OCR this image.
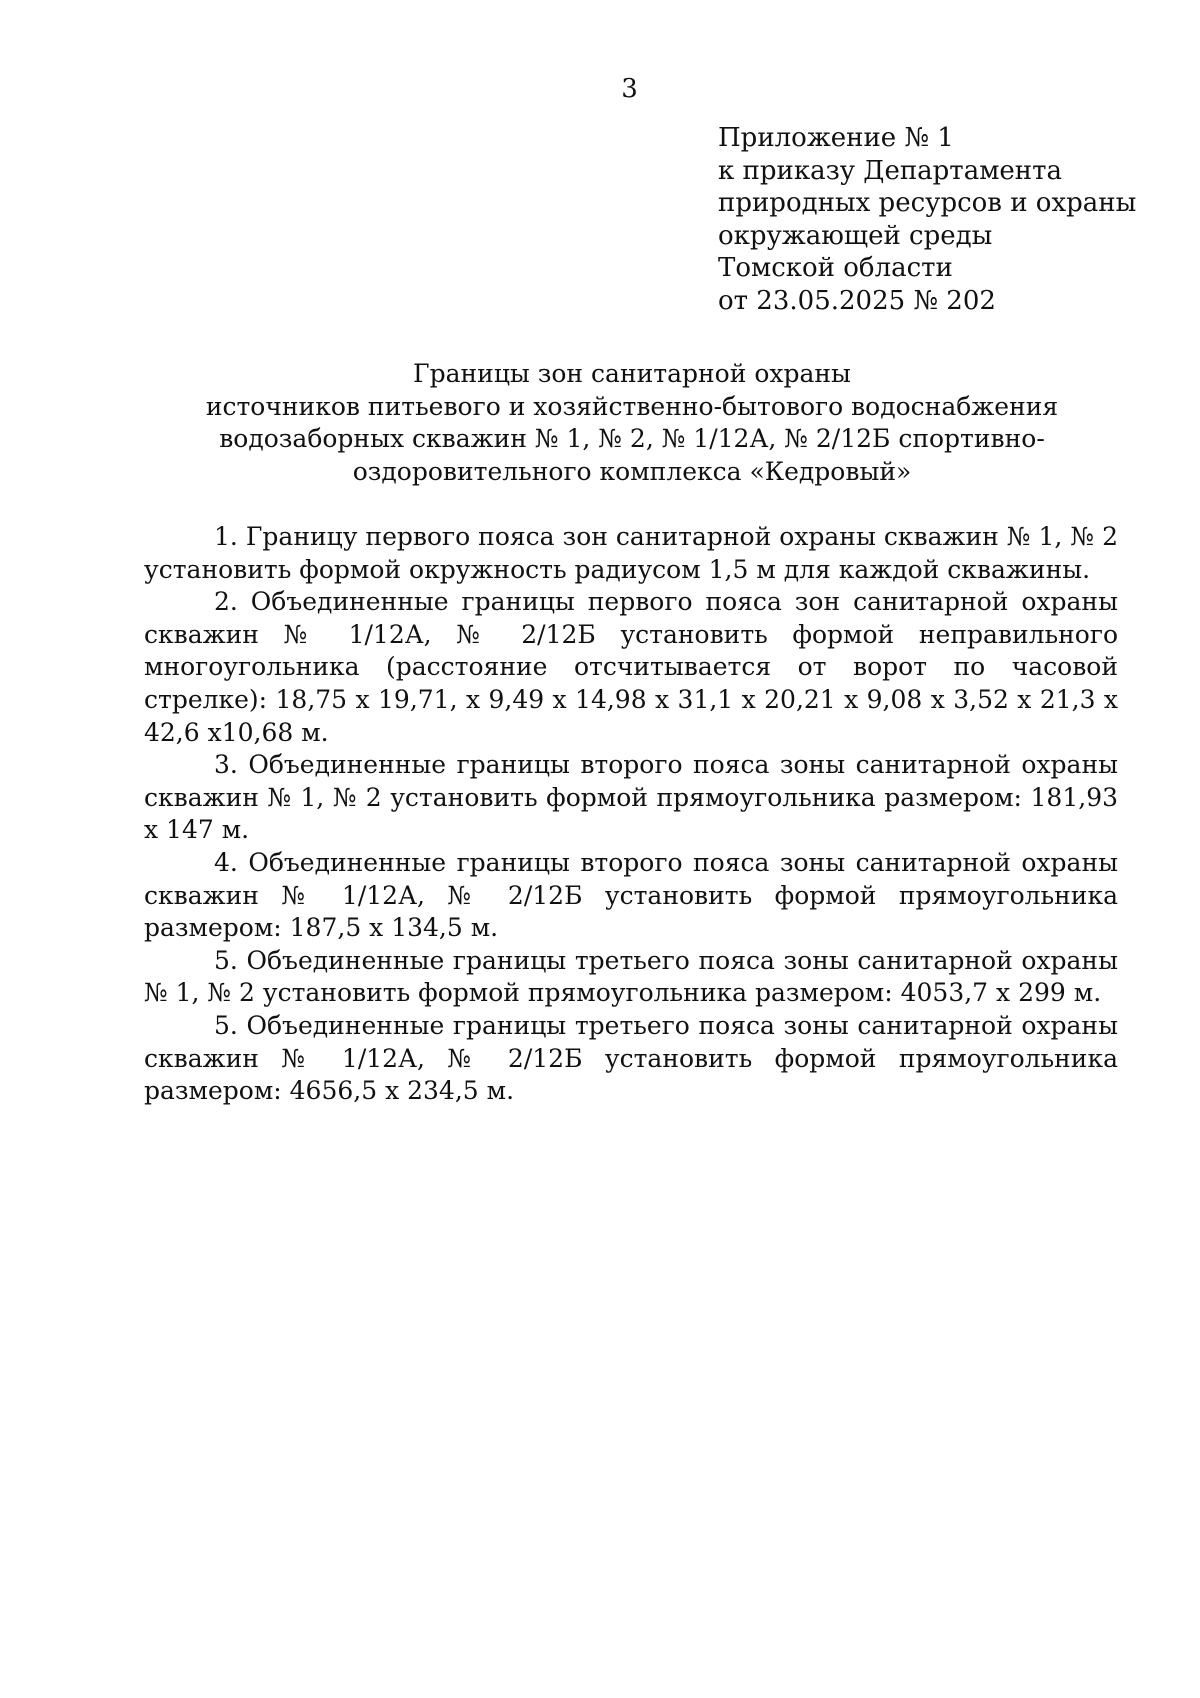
3
Приложение № 1
к приказу Департамента
природных ресурсов и охраны
окружающей среды
Томской области
от 23.05.2025 № 202
Границы зон санитарной охраны
источников питьевого и хозяйственно-бытового водоснабжения
водозаборных скважин № 1, № 2, № 1/12А, № 2/12Б спортивно-
оздоровительного комплекса «Кедровый»

1. Границу первого пояса зон санитарной охраны скважин № 1, № 2 установить формой окружность радиусом 1,5 м для каждой скважины.

2. Объединенные границы первого пояса зон санитарной охраны скважин № 1/12А, № 2/12Б установить формой неправильного многоугольника (расстояние отсчитывается от ворот по часовой стрелке): 18,75 х 19,71, х 9,49 х 14,98 х 31,1 х 20,21 х 9,08 х 3,52 х 21,3 х 42,6 х10,68 м.

3. Объединенные границы второго пояса зоны санитарной охраны скважин № 1, № 2 установить формой прямоугольника размером: 181,93 х 147 м.

4. Объединенные границы второго пояса зоны санитарной охраны скважин № 1/12А, № 2/12Б установить формой прямоугольника размером: 187,5 х 134,5 м.

5. Объединенные границы третьего пояса зоны санитарной охраны № 1, № 2 установить формой прямоугольника размером: 4053,7 х 299 м.

5. Объединенные границы третьего пояса зоны санитарной охраны скважин № 1/12А, № 2/12Б установить формой прямоугольника размером: 4656,5 х 234,5 м.
